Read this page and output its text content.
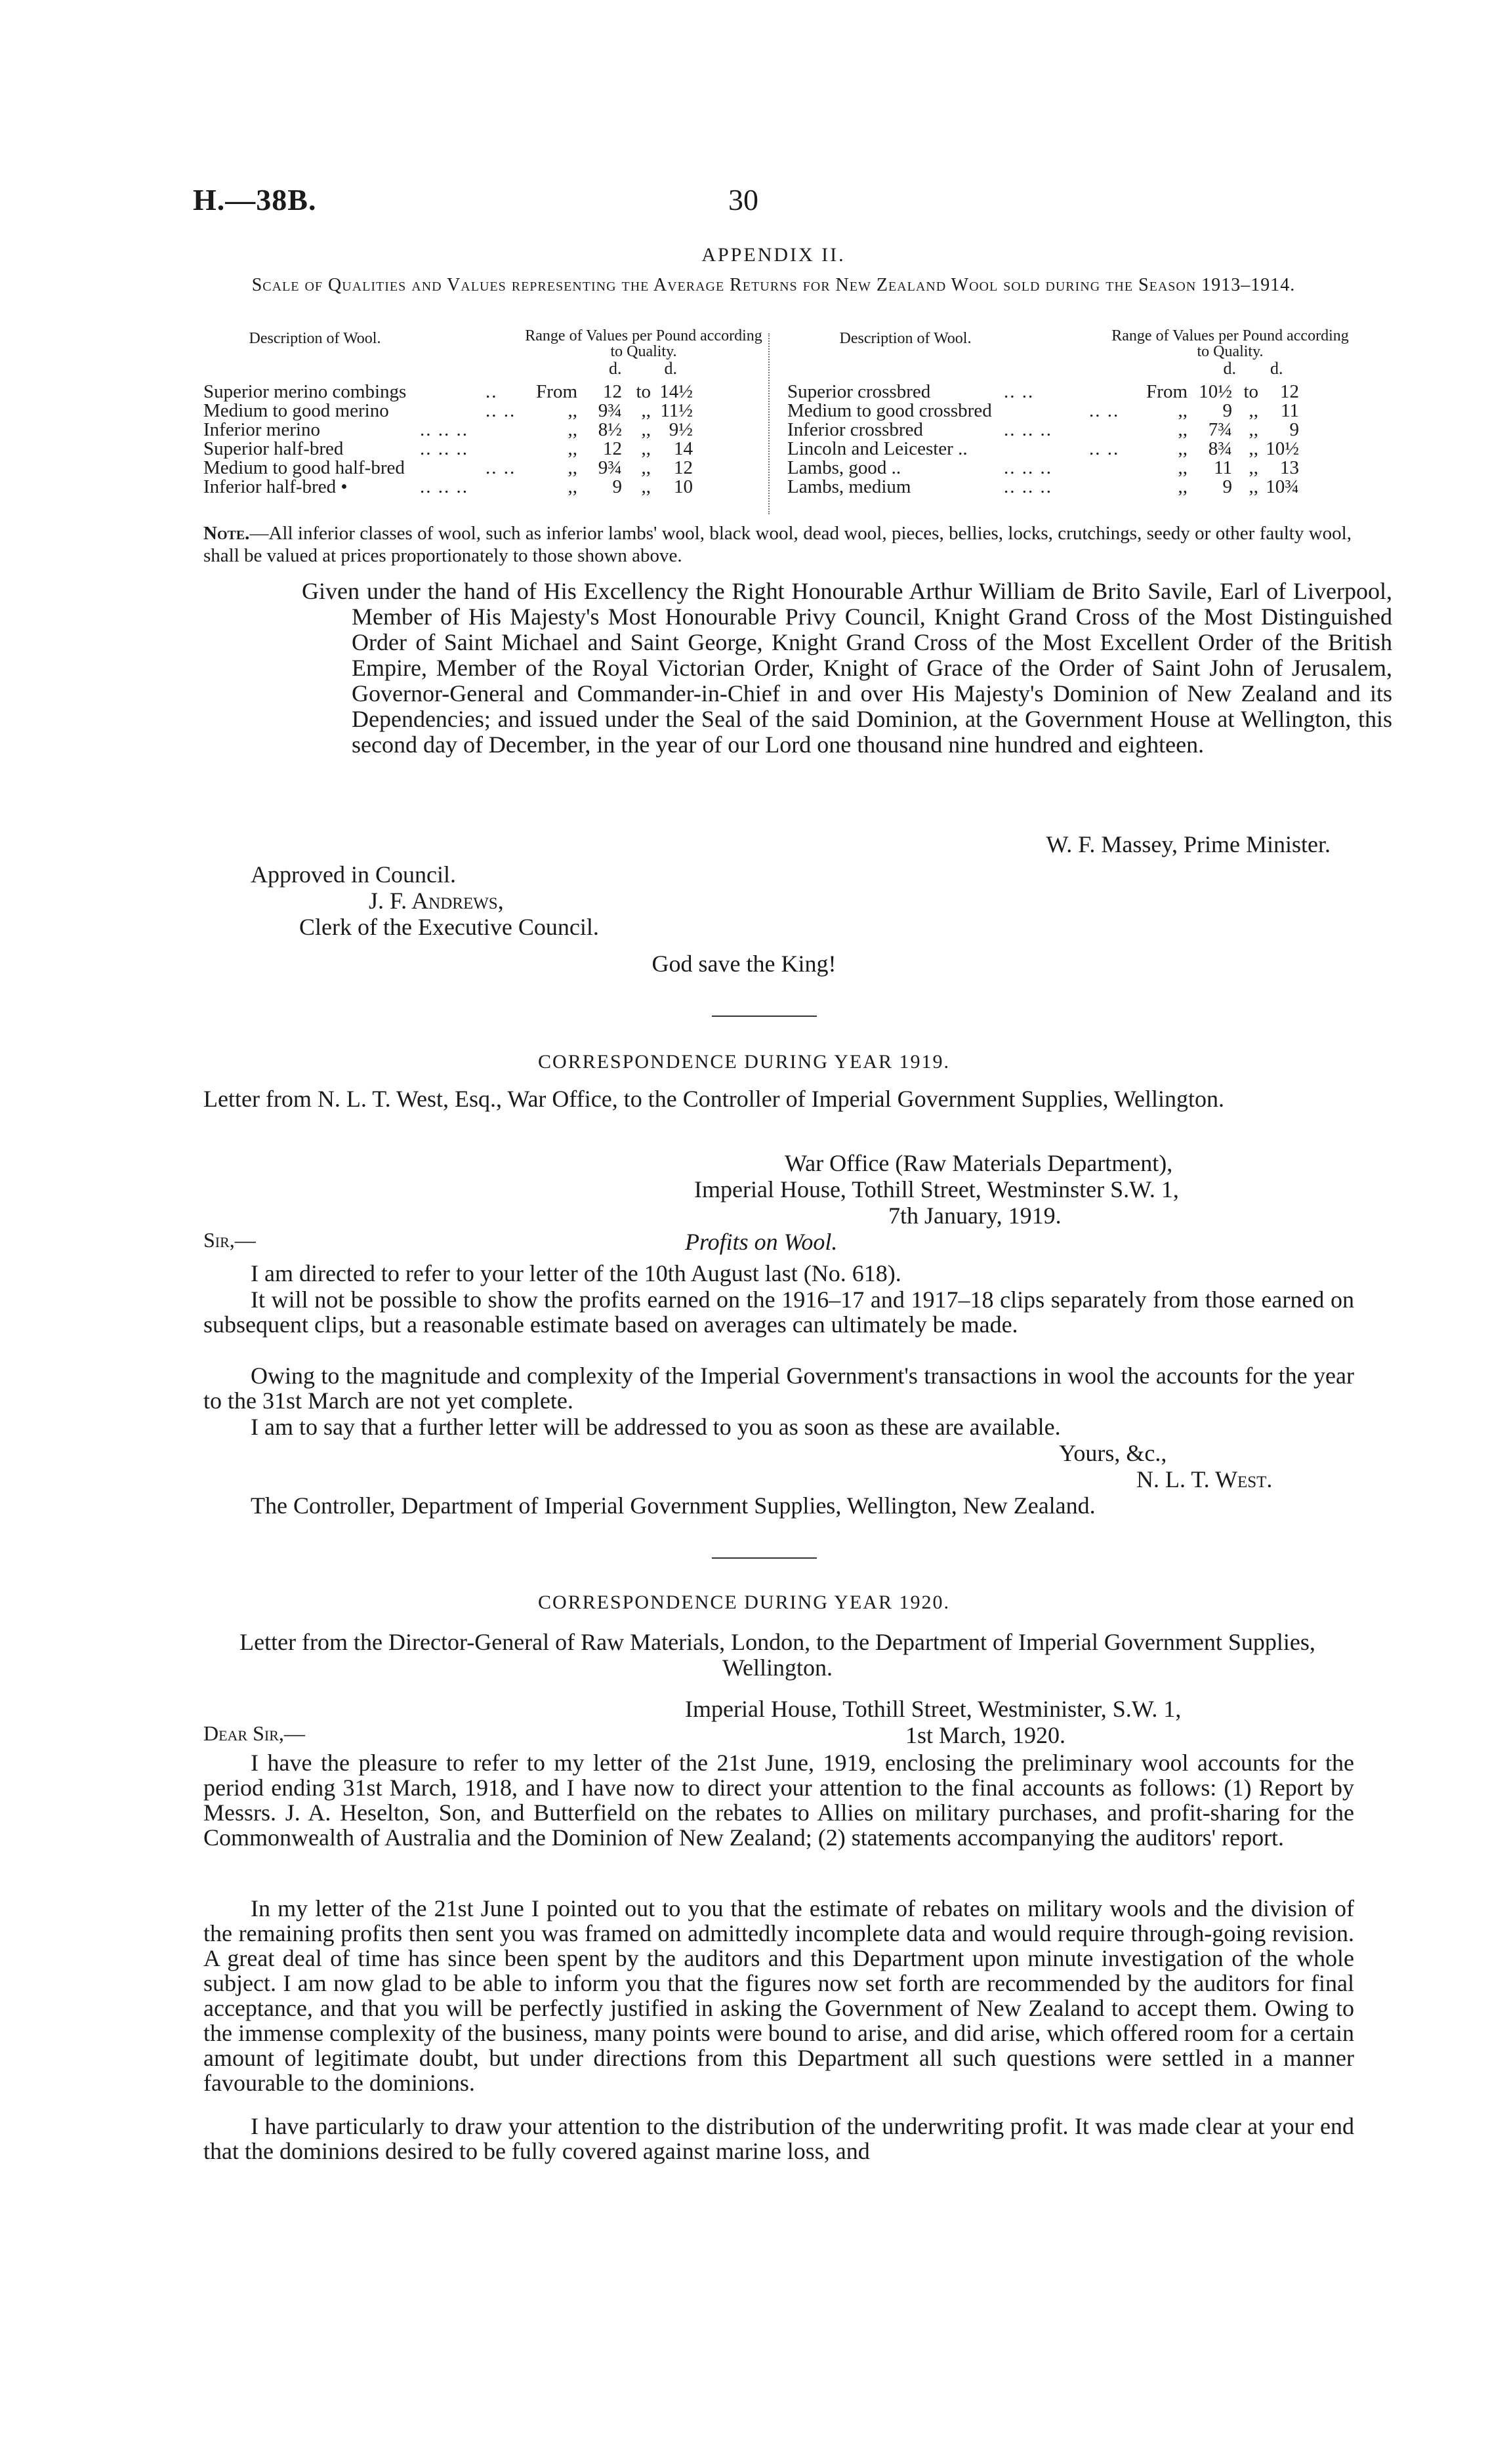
H.—38B.	30
APPENDIX II.
Scale of Qualities and Values representing the Average Returns for New Zealand Wool sold during the Season 1913–1914.
Description of Wool.	Range of Values per Pound according to Quality.
d.          d.
Description of Wool.	Range of Values per Pound according to Quality.
d.        d.
Superior merino combings	.. From	12 to 14½
Medium to good merino	.. ..	,,	9¾	,, 11½
Inferior merino	.. .. ..	,,	8½	,, 9½
Superior half-bred	.. .. ..	,,	12	,,	14
Medium to good half-bred	.. ..	,,	9¾	,,	12
Inferior half-bred •	.. .. ..	,,	9	,,	10
Superior crossbred	.. ..	From 10½ to	12
Medium to good crossbred	.. ..	,,	9 ,,	11
Inferior crossbred	.. .. ..	,,	7¾ ,,	9
Lincoln and Leicester ..	.. ..	,,	8¾ ,, 10½
Lambs, good ..	.. .. ..	,,	11 ,,	13
Lambs, medium	.. .. ..	,,	9 ,, 10¾
Note.—All inferior classes of wool, such as inferior lambs' wool, black wool, dead wool, pieces, bellies, locks, crutchings, seedy or other faulty wool, shall be valued at prices proportionately to those shown above.
Given under the hand of His Excellency the Right Honourable Arthur William de Brito Savile, Earl of Liverpool, Member of His Majesty's Most Honourable Privy Council, Knight Grand Cross of the Most Distinguished Order of Saint Michael and Saint George, Knight Grand Cross of the Most Excellent Order of the British Empire, Member of the Royal Victorian Order, Knight of Grace of the Order of Saint John of Jerusalem, Governor-General and Commander-in-Chief in and over His Majesty's Dominion of New Zealand and its Dependencies; and issued under the Seal of the said Dominion, at the Government House at Wellington, this second day of December, in the year of our Lord one thousand nine hundred and eighteen.
W. F. Massey, Prime Minister.
Approved in Council.
J. F. Andrews,
Clerk of the Executive Council.
God save the King!
CORRESPONDENCE DURING YEAR 1919.
Letter from N. L. T. West, Esq., War Office, to the Controller of Imperial Government Supplies, Wellington.
War Office (Raw Materials Department),
Imperial House, Tothill Street, Westminster S.W. 1,
7th January, 1919.
Sir,—	Profits on Wool.
I am directed to refer to your letter of the 10th August last (No. 618).
It will not be possible to show the profits earned on the 1916–17 and 1917–18 clips separately from those earned on subsequent clips, but a reasonable estimate based on averages can ultimately be made.
Owing to the magnitude and complexity of the Imperial Government's transactions in wool the accounts for the year to the 31st March are not yet complete.
I am to say that a further letter will be addressed to you as soon as these are available.
Yours, &c.,
N. L. T. West.
The Controller, Department of Imperial Government Supplies, Wellington, New Zealand.
CORRESPONDENCE DURING YEAR 1920.
Letter from the Director-General of Raw Materials, London, to the Department of Imperial Government Supplies, Wellington.
Imperial House, Tothill Street, Westminister, S.W. 1,
Dear Sir,—	1st March, 1920.
I have the pleasure to refer to my letter of the 21st June, 1919, enclosing the preliminary wool accounts for the period ending 31st March, 1918, and I have now to direct your attention to the final accounts as follows: (1) Report by Messrs. J. A. Heselton, Son, and Butterfield on the rebates to Allies on military purchases, and profit-sharing for the Commonwealth of Australia and the Dominion of New Zealand; (2) statements accompanying the auditors' report.
In my letter of the 21st June I pointed out to you that the estimate of rebates on military wools and the division of the remaining profits then sent you was framed on admittedly incomplete data and would require through-going revision. A great deal of time has since been spent by the auditors and this Department upon minute investigation of the whole subject. I am now glad to be able to inform you that the figures now set forth are recommended by the auditors for final acceptance, and that you will be perfectly justified in asking the Government of New Zealand to accept them. Owing to the immense complexity of the business, many points were bound to arise, and did arise, which offered room for a certain amount of legitimate doubt, but under directions from this Department all such questions were settled in a manner favourable to the dominions.
I have particularly to draw your attention to the distribution of the underwriting profit. It was made clear at your end that the dominions desired to be fully covered against marine loss, and
